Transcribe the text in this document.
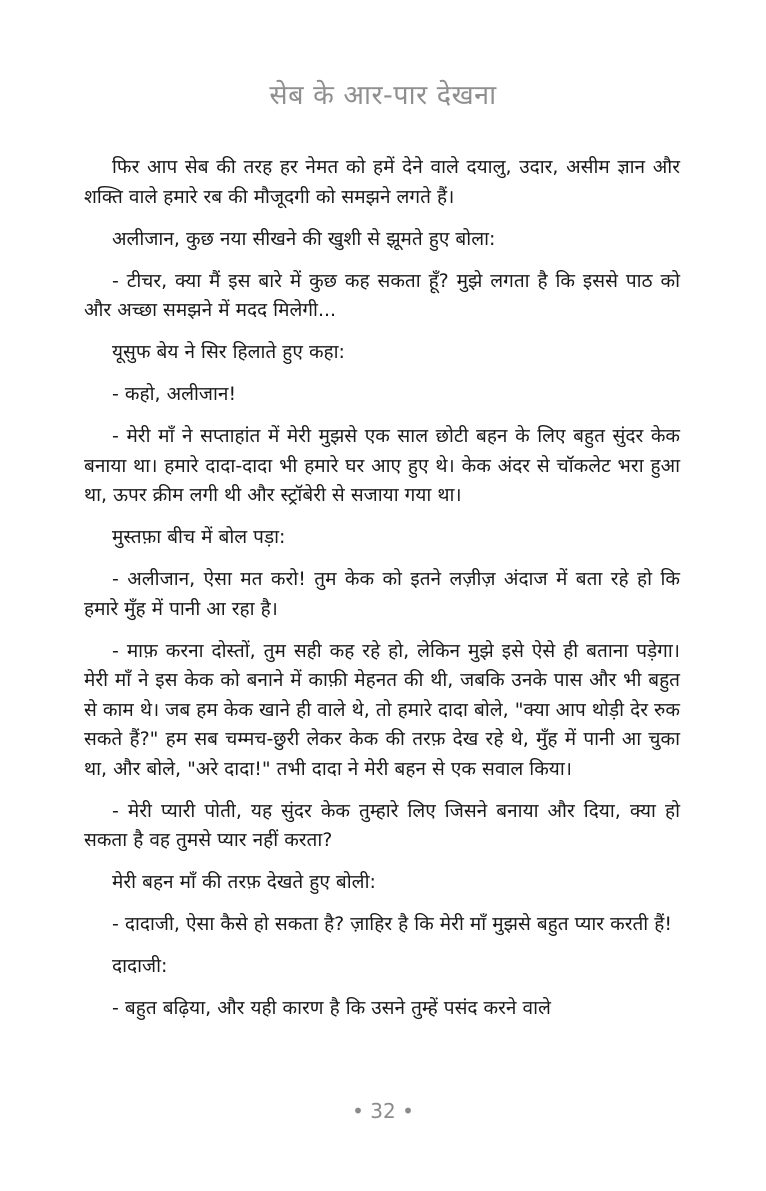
सेब के आर-पार देखना

फिर आप सेब की तरह हर नेमत को हमें देने वाले दयालु, उदार, असीम ज्ञान और शक्ति वाले हमारे रब की मौजूदगी को समझने लगते हैं।

अलीजान, कुछ नया सीखने की खुशी से झूमते हुए बोला:

- टीचर, क्या मैं इस बारे में कुछ कह सकता हूँ? मुझे लगता है कि इससे पाठ को और अच्छा समझने में मदद मिलेगी...

यूसुफ बेय ने सिर हिलाते हुए कहा:

- कहो, अलीजान!

- मेरी माँ ने सप्ताहांत में मेरी मुझसे एक साल छोटी बहन के लिए बहुत सुंदर केक बनाया था। हमारे दादा-दादा भी हमारे घर आए हुए थे। केक अंदर से चॉकलेट भरा हुआ था, ऊपर क्रीम लगी थी और स्ट्रॉबेरी से सजाया गया था।

मुस्तफ़ा बीच में बोल पड़ा:

- अलीजान, ऐसा मत करो! तुम केक को इतने लज़ीज़ अंदाज में बता रहे हो कि हमारे मुँह में पानी आ रहा है।

- माफ़ करना दोस्तों, तुम सही कह रहे हो, लेकिन मुझे इसे ऐसे ही बताना पड़ेगा। मेरी माँ ने इस केक को बनाने में काफ़ी मेहनत की थी, जबकि उनके पास और भी बहुत से काम थे। जब हम केक खाने ही वाले थे, तो हमारे दादा बोले, "क्या आप थोड़ी देर रुक सकते हैं?" हम सब चम्मच-छुरी लेकर केक की तरफ़ देख रहे थे, मुँह में पानी आ चुका था, और बोले, "अरे दादा!" तभी दादा ने मेरी बहन से एक सवाल किया।

- मेरी प्यारी पोती, यह सुंदर केक तुम्हारे लिए जिसने बनाया और दिया, क्या हो सकता है वह तुमसे प्यार नहीं करता?

मेरी बहन माँ की तरफ़ देखते हुए बोली:

- दादाजी, ऐसा कैसे हो सकता है? ज़ाहिर है कि मेरी माँ मुझसे बहुत प्यार करती हैं!

दादाजी:

- बहुत बढ़िया, और यही कारण है कि उसने तुम्हें पसंद करने वाले

• 32 •
